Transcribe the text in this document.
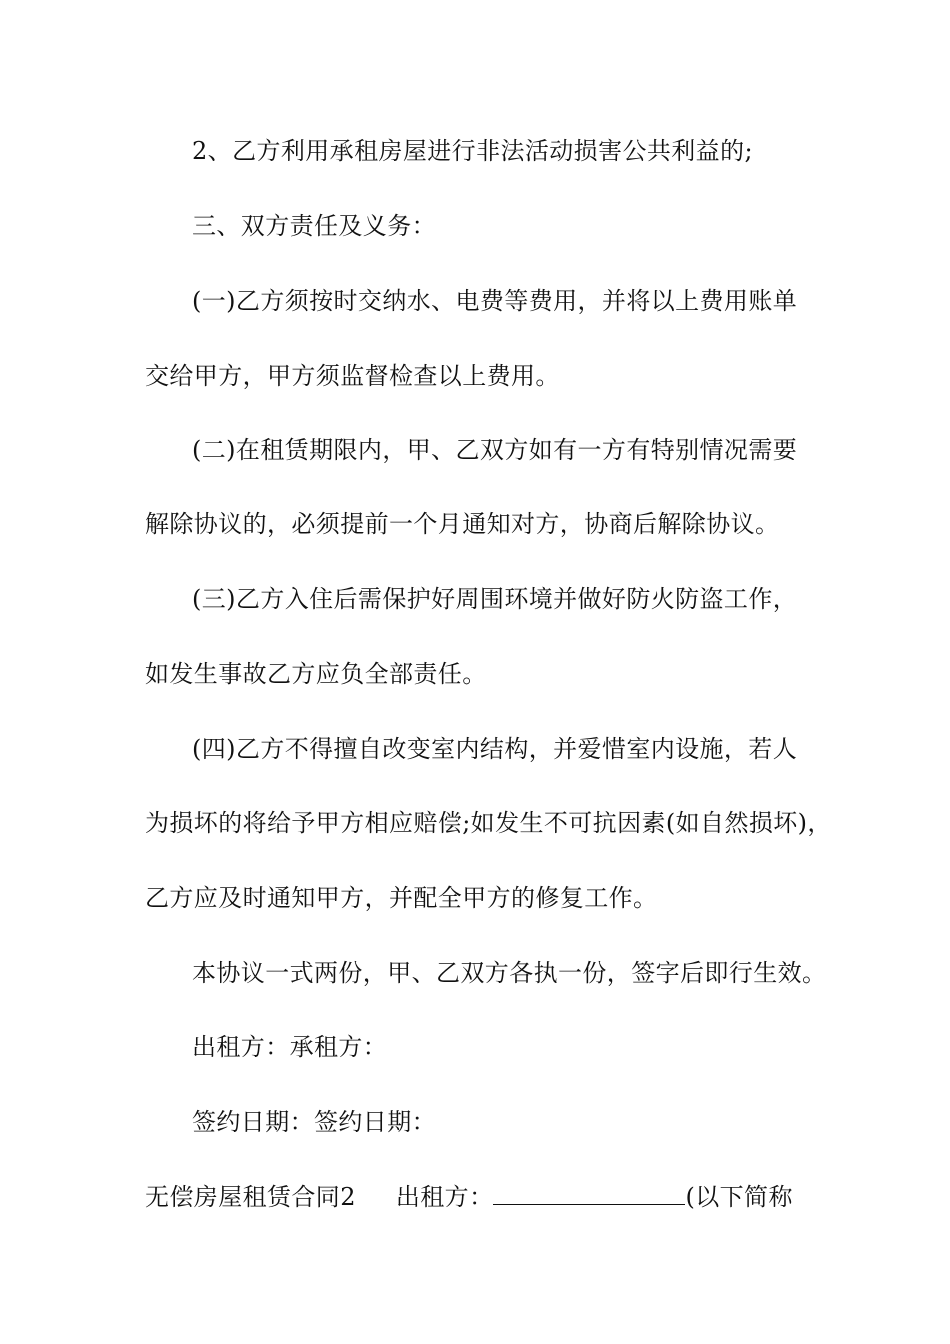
2、乙方利用承租房屋进行非法活动损害公共利益的;
三、双方责任及义务：
(一)乙方须按时交纳水、电费等费用，并将以上费用账单
交给甲方，甲方须监督检查以上费用。
(二)在租赁期限内，甲、乙双方如有一方有特别情况需要
解除协议的，必须提前一个月通知对方，协商后解除协议。
(三)乙方入住后需保护好周围环境并做好防火防盗工作，
如发生事故乙方应负全部责任。
(四)乙方不得擅自改变室内结构，并爱惜室内设施，若人
为损坏的将给予甲方相应赔偿;如发生不可抗因素(如自然损坏)，
乙方应及时通知甲方，并配全甲方的修复工作。
本协议一式两份，甲、乙双方各执一份，签字后即行生效。
出租方：承租方：
签约日期：签约日期：
无偿房屋租赁合同2 出租方：	(以下简称
